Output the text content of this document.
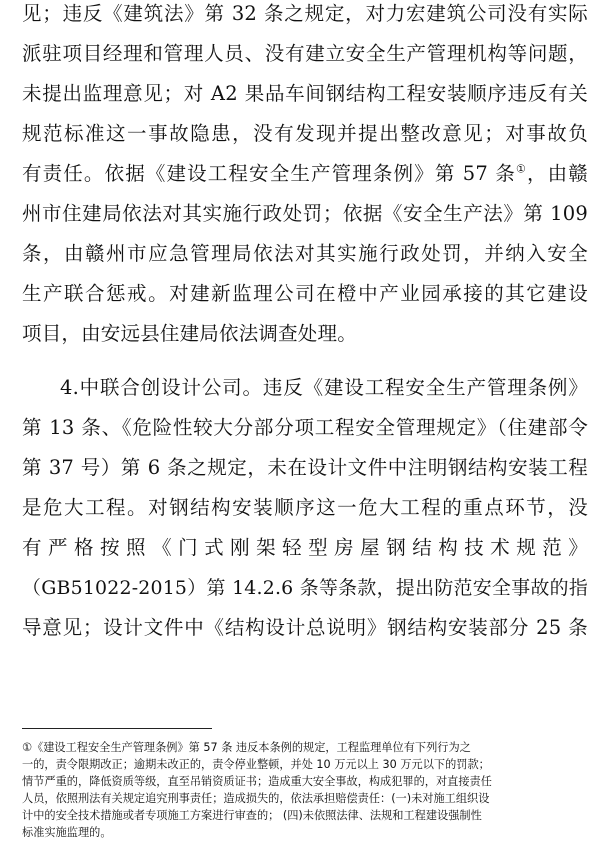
见；违反《建筑法》第 32 条之规定，对力宏建筑公司没有实际
派驻项目经理和管理人员、没有建立安全生产管理机构等问题，
未提出监理意见；对 A2 果品车间钢结构工程安装顺序违反有关
规范标准这一事故隐患，没有发现并提出整改意见；对事故负
有责任。依据《建设工程安全生产管理条例》第 57 条①，由赣
州市住建局依法对其实施行政处罚；依据《安全生产法》第 109
条，由赣州市应急管理局依法对其实施行政处罚，并纳入安全
生产联合惩戒。对建新监理公司在橙中产业园承接的其它建设
项目，由安远县住建局依法调查处理。
4.中联合创设计公司。违反《建设工程安全生产管理条例》
第 13 条、《危险性较大分部分项工程安全管理规定》（住建部令
第 37 号）第 6 条之规定，未在设计文件中注明钢结构安装工程
是危大工程。对钢结构安装顺序这一危大工程的重点环节，没
有严格按照《门式刚架轻型房屋钢结构技术规范》
（GB51022-2015）第 14.2.6 条等条款，提出防范安全事故的指
导意见；设计文件中《结构设计总说明》钢结构安装部分 25 条
①《建设工程安全生产管理条例》第 57 条 违反本条例的规定，工程监理单位有下列行为之
一的，责令限期改正；逾期未改正的，责令停业整顿，并处 10 万元以上 30 万元以下的罚款；
情节严重的，降低资质等级，直至吊销资质证书；造成重大安全事故，构成犯罪的，对直接责任
人员，依照刑法有关规定追究刑事责任；造成损失的，依法承担赔偿责任：(一)未对施工组织设
计中的安全技术措施或者专项施工方案进行审查的； (四)未依照法律、法规和工程建设强制性
标准实施监理的。
